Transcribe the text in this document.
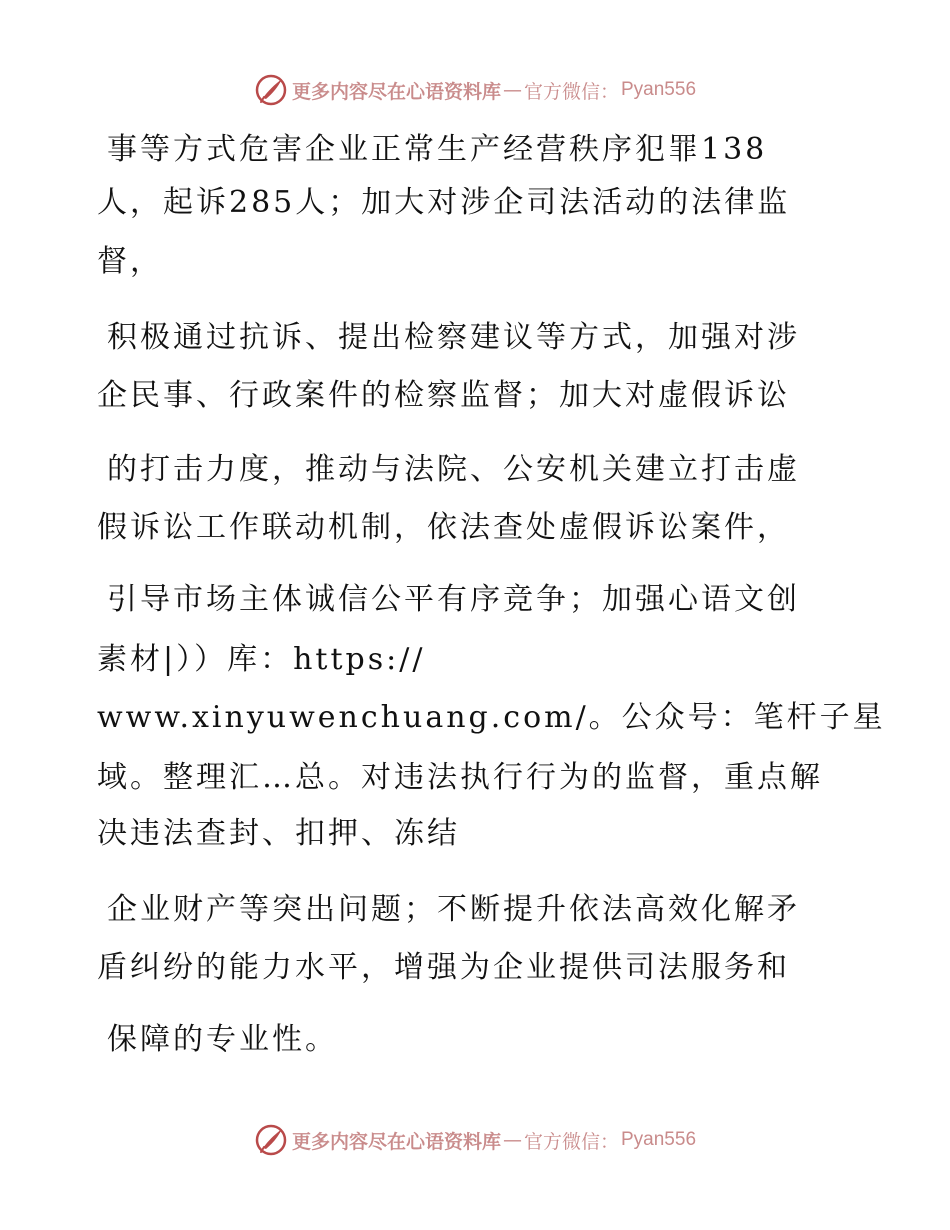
更多内容尽在心语资料库 — 官方微信： Pyan556
事等方式危害企业正常生产经营秩序犯罪138
人，起诉285人；加大对涉企司法活动的法律监
督，
积极通过抗诉、提出检察建议等方式，加强对涉
企民事、行政案件的检察监督；加大对虚假诉讼
的打击力度，推动与法院、公安机关建立打击虚
假诉讼工作联动机制，依法查处虚假诉讼案件，
引导市场主体诚信公平有序竞争；加强心语文创
素材|））库：https://
www.xinyuwenchuang.com/。公众号：笔杆子星
域。整理汇…总。对违法执行行为的监督，重点解
决违法查封、扣押、冻结
企业财产等突出问题；不断提升依法高效化解矛
盾纠纷的能力水平，增强为企业提供司法服务和
保障的专业性。
更多内容尽在心语资料库 — 官方微信： Pyan556
